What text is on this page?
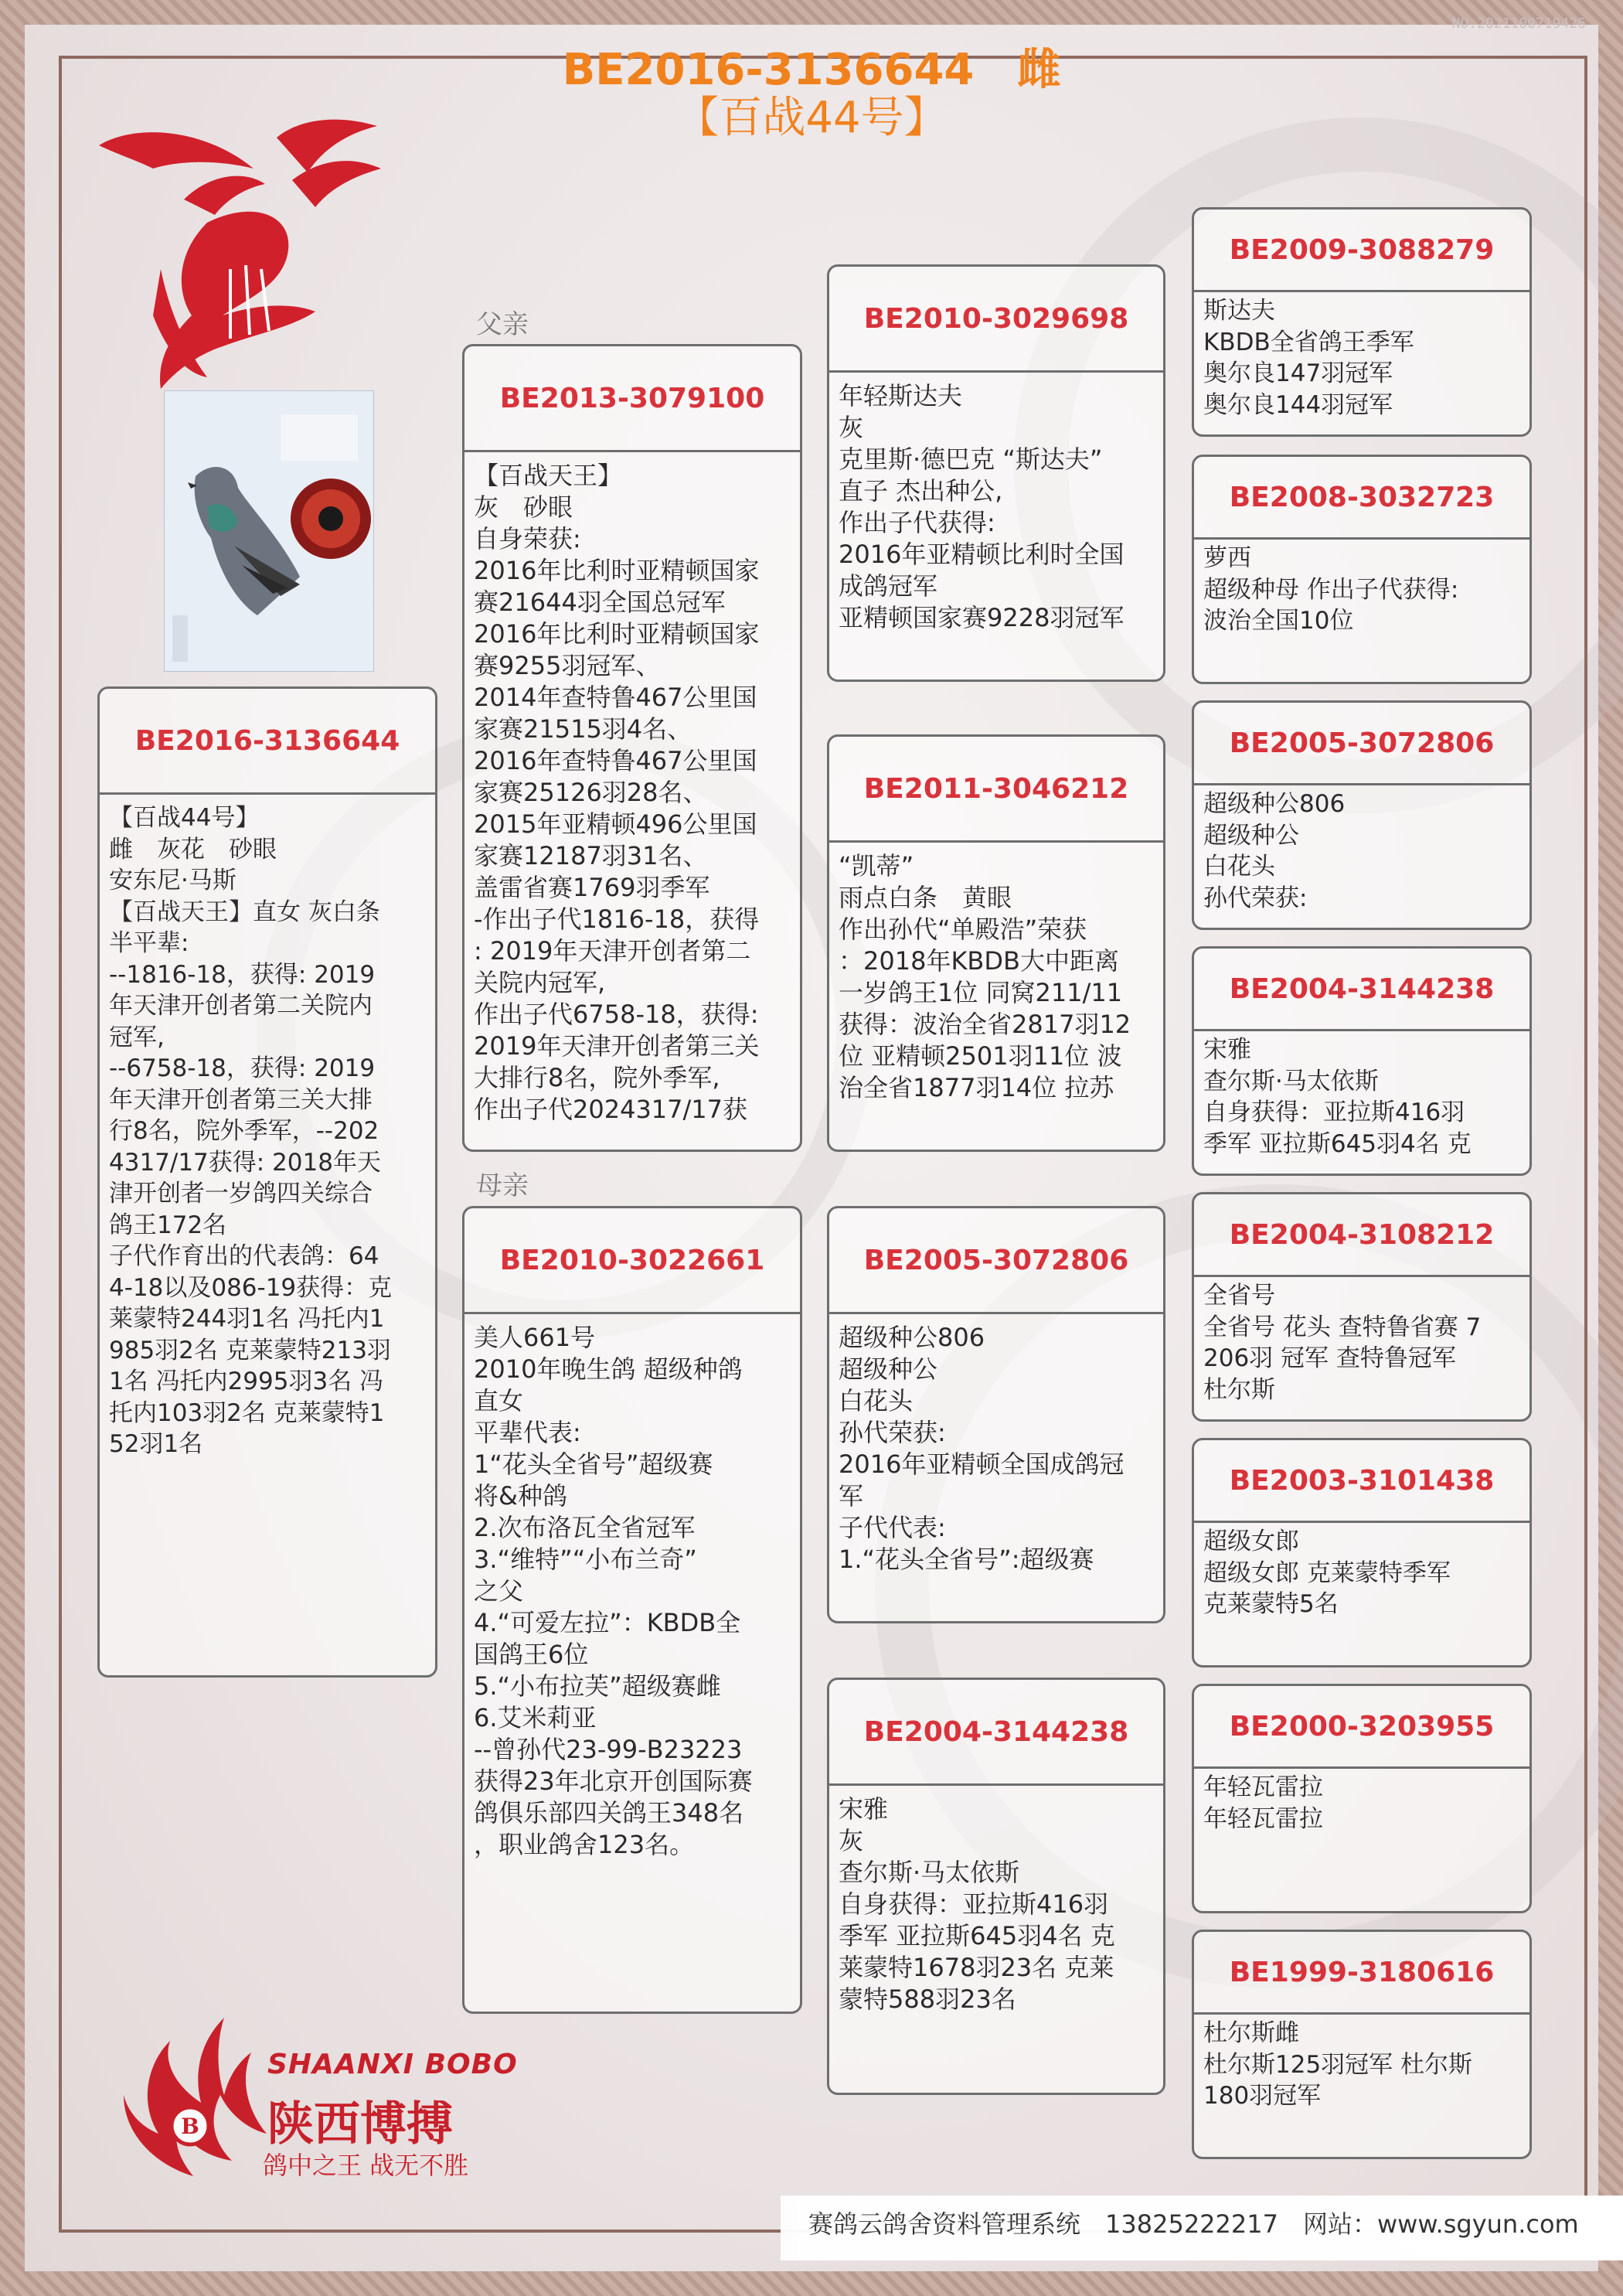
NO.2021100719426
BE2016-3136644 雌
【百战44号】
父亲
母亲
BE2016-3136644
【百战44号】
雌　灰花　砂眼
安东尼·马斯
【百战天王】直女 灰白条
半平辈:
--1816-18，获得: 2019
年天津开创者第二关院内
冠军,
--6758-18，获得: 2019
年天津开创者第三关大排
行8名，院外季军，--202
4317/17获得: 2018年天
津开创者一岁鸽四关综合
鸽王172名
子代作育出的代表鸽：64
4-18以及086-19获得：克
莱蒙特244羽1名 冯托内1
985羽2名 克莱蒙特213羽
1名 冯托内2995羽3名 冯
托内103羽2名 克莱蒙特1
52羽1名
BE2013-3079100
【百战天王】
灰　砂眼
自身荣获:
2016年比利时亚精顿国家
赛21644羽全国总冠军
2016年比利时亚精顿国家
赛9255羽冠军、
2014年查特鲁467公里国
家赛21515羽4名、
2016年查特鲁467公里国
家赛25126羽28名、
2015年亚精顿496公里国
家赛12187羽31名、
盖雷省赛1769羽季军
-作出子代1816-18，获得
: 2019年天津开创者第二
关院内冠军,
作出子代6758-18，获得:
2019年天津开创者第三关
大排行8名，院外季军,
作出子代2024317/17获
BE2010-3022661
美人661号
2010年晚生鸽 超级种鸽
直女
平辈代表:
1“花头全省号”超级赛
将&种鸽
2.次布洛瓦全省冠军
3.“维特”“小布兰奇”
之父
4.“可爱左拉”：KBDB全
国鸽王6位
5.“小布拉芙”超级赛雌
6.艾米莉亚
--曾孙代23-99-B23223
获得23年北京开创国际赛
鸽俱乐部四关鸽王348名
，职业鸽舍123名。
BE2010-3029698
年轻斯达夫
灰
克里斯·德巴克 “斯达夫”
直子 杰出种公,
作出子代获得:
2016年亚精顿比利时全国
成鸽冠军
亚精顿国家赛9228羽冠军
BE2011-3046212
“凯蒂”
雨点白条　黄眼
作出孙代“单殿浩”荣获
：2018年KBDB大中距离
一岁鸽王1位 同窝211/11
获得：波治全省2817羽12
位 亚精顿2501羽11位 波
治全省1877羽14位 拉苏
BE2005-3072806
超级种公806
超级种公
白花头
孙代荣获:
2016年亚精顿全国成鸽冠
军
子代代表:
1.“花头全省号”:超级赛
BE2004-3144238
宋雅
灰
查尔斯·马太依斯
自身获得：亚拉斯416羽
季军 亚拉斯645羽4名 克
莱蒙特1678羽23名 克莱
蒙特588羽23名
BE2009-3088279
斯达夫
KBDB全省鸽王季军
奥尔良147羽冠军
奥尔良144羽冠军
BE2008-3032723
萝西
超级种母 作出子代获得:
波治全国10位
BE2005-3072806
超级种公806
超级种公
白花头
孙代荣获:
BE2004-3144238
宋雅
查尔斯·马太依斯
自身获得：亚拉斯416羽
季军 亚拉斯645羽4名 克
BE2004-3108212
全省号
全省号 花头 查特鲁省赛 7
206羽 冠军 查特鲁冠军
杜尔斯
BE2003-3101438
超级女郎
超级女郎 克莱蒙特季军
克莱蒙特5名
BE2000-3203955
年轻瓦雷拉
年轻瓦雷拉
BE1999-3180616
杜尔斯雌
杜尔斯125羽冠军 杜尔斯
180羽冠军
B
SHAANXI BOBO
陕西博搏
鸽中之王 战无不胜
赛鸽云鸽舍资料管理系统 13825222217 网站：www.sgyun.com
